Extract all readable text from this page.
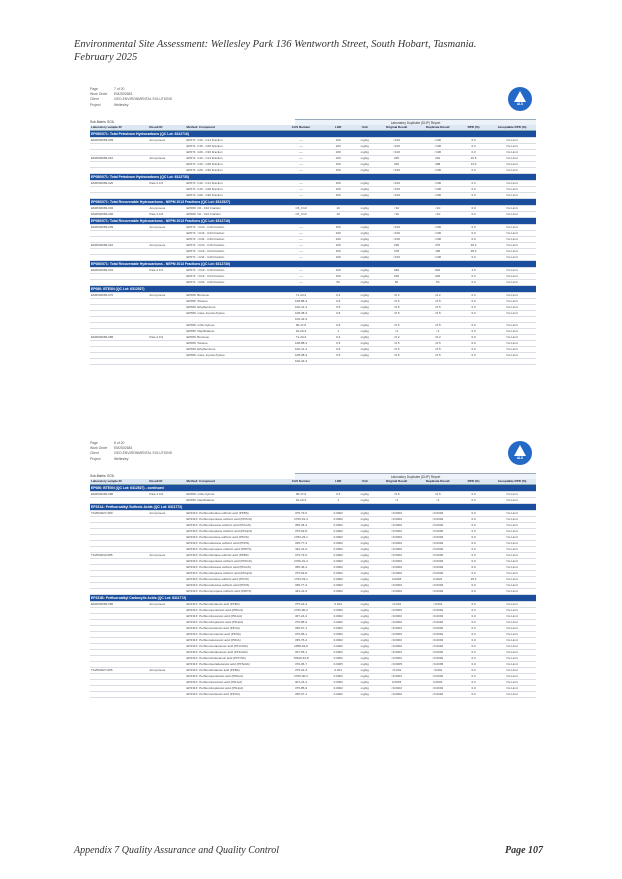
Environmental Site Assessment: Wellesley Park 136 Wentworth Street, South Hobart, Tasmania.
February 2025
Page	7 of 20
Work Order	EM2502683
Client	GEO-ENVIRONMENTAL SOLUTIONS
Project	Wellesley	ALS
Sub-Matrix: SOIL	Laboratory Duplicate (DUP) Report
Laboratory sample ID	Result ID	Method: Compound	CAS Number	LOR	Unit	Original Result	Duplicate Result	RPD (%)	Acceptable RPD (%)
EP080/071: Total Petroleum Hydrocarbons (QC Lot: 6312716)									
EM2502683-009	Anonymous	EP071: C10 - C14 Fraction	----	100	mg/kg	<100	<100	0.0	No Limit
		EP071: C15 - C28 Fraction	----	100	mg/kg	<100	<100	0.0	No Limit
		EP071: C29 - C36 Fraction	----	100	mg/kg	<100	<100	0.0	No Limit
EM2502683-010	Anonymous	EP071: C10 - C14 Fraction	----	100	mg/kg	345	291	16.5	No Limit
		EP071: C15 - C28 Fraction	----	100	mg/kg	320	298	13.0	No Limit
		EP071: C29 - C36 Fraction	----	100	mg/kg	<100	<100	0.0	No Limit
EP080/071: Total Petroleum Hydrocarbons (QC Lot: 6312730)									
EM2502683-020	Pate 2.0.9	EP071: C10 - C14 Fraction	----	100	mg/kg	<100	<100	0.0	No Limit
		EP071: C15 - C28 Fraction	----	100	mg/kg	<100	<100	0.0	No Limit
		EP071: C29 - C36 Fraction	----	100	mg/kg	<100	<100	0.0	No Limit
EP080/071: Total Recoverable Hydrocarbons - NEPM 2013 Fractions (QC Lot: 6312527)									
EM2502683-004	Anonymous	EP080: C6 - C10 Fraction	C6_C10	10	mg/kg	<10	<10	0.0	No Limit
EM2502683-006	Pate 4.0.8	EP080: C6 - C10 Fraction	C6_C10	10	mg/kg	<10	<10	0.0	No Limit
EP080/071: Total Recoverable Hydrocarbons - NEPM 2013 Fractions (QC Lot: 6312716)									
EM2502683-009	Anonymous	EP071: >C10 - C16 Fraction	----	100	mg/kg	<100	<100	0.0	No Limit
		EP071: >C16 - C34 Fraction	----	100	mg/kg	<100	<100	0.0	No Limit
		EP071: >C34 - C40 Fraction	----	100	mg/kg	<100	<100	0.0	No Limit
EM2502683-010	Anonymous	EP071: >C10 - C16 Fraction	----	100	mg/kg	290	276	26.2	No Limit
		EP071: >C16 - C34 Fraction	----	100	mg/kg	378	166	28.2	No Limit
		EP071: >C34 - C40 Fraction	----	100	mg/kg	<100	<100	0.0	No Limit
EP080/071: Total Recoverable Hydrocarbons - NEPM 2013 Fractions (QC Lot: 6312730)									
EM2502683-001	Pate 2.0.9	EP071: >C10 - C16 Fraction	----	100	mg/kg	960	820	4.5	No Limit
		EP071: >C16 - C34 Fraction	----	100	mg/kg	220	220	0.0	No Limit
		EP071: >C34 - C40 Fraction	----	50	mg/kg	50	50	0.0	No Limit
EP080: BTEXN (QC Lot: 6312527)									
EM2502683-070	Anonymous	EP080: Benzene	71-43-2	0.2	mg/kg	<0.2	<0.2	0.0	No Limit
		EP080: Toluene	108-88-3	0.5	mg/kg	<0.5	<0.5	0.0	No Limit
		EP080: Ethylbenzene	100-41-4	0.5	mg/kg	<0.5	<0.5	0.0	No Limit
		EP080: meta- & para-Xylene	108-38-3	0.5	mg/kg	<0.5	<0.5	0.0	No Limit
			106-42-3						
		EP080: ortho-Xylene	95-47-6	0.5	mg/kg	<0.5	<0.5	0.0	No Limit
		EP080: Naphthalene	91-20-3	1	mg/kg	<1	<1	0.0	No Limit
EM2502683-086	Pate 4.0.9	EP080: Benzene	71-43-2	0.2	mg/kg	<0.2	<0.2	0.0	No Limit
		EP080: Toluene	108-88-3	0.5	mg/kg	<0.5	<0.5	0.0	No Limit
		EP080: Ethylbenzene	100-41-4	0.5	mg/kg	<0.5	<0.5	0.0	No Limit
		EP080: meta- & para-Xylene	108-38-3	0.5	mg/kg	<0.5	<0.5	0.0	No Limit
			106-42-3						
Page	8 of 20
Work Order	EM2502683
Client	GEO-ENVIRONMENTAL SOLUTIONS
Project	Wellesley	ALS
Sub-Matrix: SOIL	Laboratory Duplicate (DUP) Report
Laboratory sample ID	Result ID	Method: Compound	CAS Number	LOR	Unit	Original Result	Duplicate Result	RPD (%)	Acceptable RPD (%)
EP080: BTEXN (QC Lot: 6312527) - continued									
EM2502683-086	Pate 4.0.9	EP080: ortho-Xylene	95-47-6	0.5	mg/kg	<0.5	<0.5	0.0	No Limit
		EP080: Naphthalene	91-20-3	1	mg/kg	<1	<1	0.0	No Limit
EP231A: Perfluoroalkyl Sulfonic Acids (QC Lot: 6311772)									
TK2502027-080	Anonymous	EP231X: Perfluorobutane sulfonic acid (PFBS)	375-73-5	0.0002	mg/kg	<0.0002	<0.0002	0.0	No Limit
		EP231X: Perfluoropentane sulfonic acid (PFPeS)	2706-91-4	0.0002	mg/kg	<0.0002	<0.0002	0.0	No Limit
		EP231X: Perfluorohexane sulfonic acid (PFHxS)	355-46-4	0.0002	mg/kg	<0.0002	<0.0002	0.0	No Limit
		EP231X: Perfluoroheptane sulfonic acid (PFHpS)	375-92-8	0.0002	mg/kg	<0.0002	<0.0002	0.0	No Limit
		EP231X: Perfluorooctane sulfonic acid (PFOS)	1763-23-1	0.0002	mg/kg	<0.0002	<0.0002	0.0	No Limit
		EP231X: Perfluorodecane sulfonic acid (PFDS)	335-77-3	0.0002	mg/kg	<0.0002	<0.0002	0.0	No Limit
		EP231X: Perfluoropropane sulfonic acid (PFPrS)	423-41-6	0.0002	mg/kg	<0.0002	<0.0002	0.0	No Limit
TK2502043-085	Anonymous	EP231X: Perfluorobutane sulfonic acid (PFBS)	375-73-5	0.0002	mg/kg	<0.0002	<0.0002	0.0	No Limit
		EP231X: Perfluoropentane sulfonic acid (PFPeS)	2706-91-4	0.0002	mg/kg	<0.0002	<0.0002	0.0	No Limit
		EP231X: Perfluorohexane sulfonic acid (PFHxS)	355-46-4	0.0002	mg/kg	<0.0002	<0.0002	0.0	No Limit
		EP231X: Perfluoroheptane sulfonic acid (PFHpS)	375-92-8	0.0002	mg/kg	<0.0002	<0.0002	0.0	No Limit
		EP231X: Perfluorooctane sulfonic acid (PFOS)	1763-23-1	0.0002	mg/kg	0.0028	0.0024	15.4	No Limit
		EP231X: Perfluorodecane sulfonic acid (PFDS)	335-77-3	0.0002	mg/kg	<0.0002	<0.0002	0.0	No Limit
		EP231X: Perfluoropropane sulfonic acid (PFPrS)	423-41-6	0.0002	mg/kg	<0.0002	<0.0002	0.0	No Limit
EP231B: Perfluoroalkyl Carboxylic Acids (QC Lot: 6311772)									
EM2502683-086	Anonymous	EP231X: Perfluorobutanoic acid (PFBA)	375-22-4	0.001	mg/kg	<0.001	<0.001	0.0	No Limit
		EP231X: Perfluoropentanoic acid (PFPeA)	2706-90-3	0.0002	mg/kg	<0.0002	<0.0002	0.0	No Limit
		EP231X: Perfluorohexanoic acid (PFHxA)	307-24-4	0.0002	mg/kg	<0.0002	<0.0002	0.0	No Limit
		EP231X: Perfluoroheptanoic acid (PFHpA)	375-85-9	0.0002	mg/kg	<0.0002	<0.0002	0.0	No Limit
		EP231X: Perfluorooctanoic acid (PFOA)	335-67-1	0.0002	mg/kg	<0.0002	<0.0002	0.0	No Limit
		EP231X: Perfluorononanoic acid (PFNA)	375-95-1	0.0002	mg/kg	<0.0002	<0.0002	0.0	No Limit
		EP231X: Perfluorodecanoic acid (PFDA)	335-76-2	0.0002	mg/kg	<0.0002	<0.0002	0.0	No Limit
		EP231X: Perfluoroundecanoic acid (PFUnDA)	2058-94-8	0.0002	mg/kg	<0.0002	<0.0002	0.0	No Limit
		EP231X: Perfluorododecanoic acid (PFDoDA)	307-55-1	0.0002	mg/kg	<0.0002	<0.0002	0.0	No Limit
		EP231X: Perfluorotridecanoic acid (PFTrDA)	72629-94-8	0.0002	mg/kg	<0.0002	<0.0002	0.0	No Limit
		EP231X: Perfluorotetradecanoic acid (PFTeDA)	376-06-7	0.0005	mg/kg	<0.0005	<0.0005	0.0	No Limit
TK2502027-085	Anonymous	EP231X: Perfluorobutanoic acid (PFBA)	375-22-4	0.001	mg/kg	<0.001	<0.001	0.0	No Limit
		EP231X: Perfluoropentanoic acid (PFPeA)	2706-90-3	0.0002	mg/kg	<0.0002	<0.0002	0.0	No Limit
		EP231X: Perfluorohexanoic acid (PFHxA)	307-24-4	0.0002	mg/kg	0.0003	0.0003	0.0	No Limit
		EP231X: Perfluoroheptanoic acid (PFHpA)	375-85-9	0.0002	mg/kg	<0.0002	<0.0002	0.0	No Limit
		EP231X: Perfluorooctanoic acid (PFOA)	335-67-1	0.0002	mg/kg	<0.0002	<0.0002	0.0	No Limit
Appendix 7 Quality Assurance and Quality Control	Page 107
